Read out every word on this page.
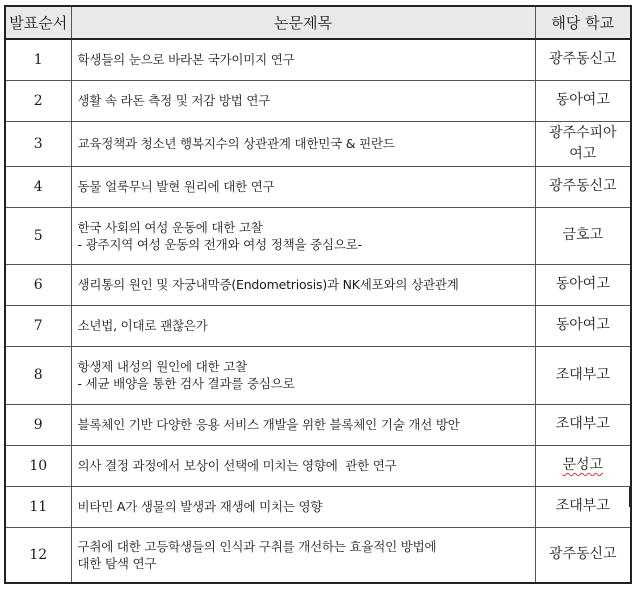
발표순서	논문제목	해당 학교
1	학생들의 눈으로 바라본 국가이미지 연구	광주동신고

2	생활 속 라돈 측정 및 저감 방법 연구	동아여고

3	교육정책과 청소년 행복지수의 상관관계 대한민국 & 핀란드	광주수피아
여고

4	동물 얼룩무늬 발현 원리에 대한 연구	광주동신고

5	한국 사회의 여성 운동에 대한 고찰
- 광주지역 여성 운동의 전개와 여성 정책을 중심으로-	금호고

6	생리통의 원인 및 자궁내막증(Endometriosis)과 NK세포와의 상관관계	동아여고

7	소년법, 이대로 괜찮은가	동아여고

8	항생제 내성의 원인에 대한 고찰
- 세균 배양을 통한 검사 결과를 중심으로	조대부고

9	블록체인 기반 다양한 응용 서비스 개발을 위한 블록체인 기술 개선 방안	조대부고

10	의사 결정 과정에서 보상이 선택에 미치는 영향에  관한 연구	문성고

11	비타민 A가 생물의 발생과 재생에 미치는 영향	조대부고

12	구취에 대한 고등학생들의 인식과 구취를 개선하는 효율적인 방법에
대한 탐색 연구	광주동신고
